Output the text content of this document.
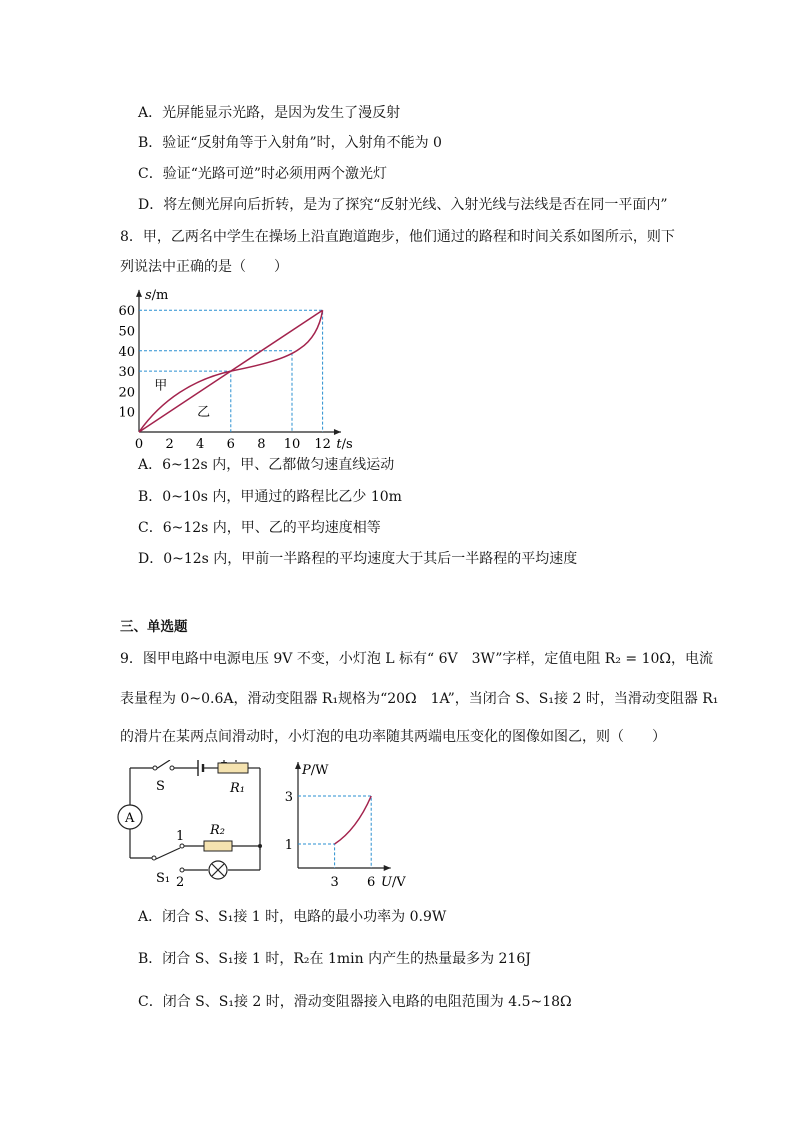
A．光屏能显示光路，是因为发生了漫反射
B．验证“反射角等于入射角”时，入射角不能为 0
C．验证“光路可逆”时必须用两个激光灯
D．将左侧光屏向后折转，是为了探究“反射光线、入射光线与法线是否在同一平面内”
8．甲，乙两名中学生在操场上沿直跑道跑步，他们通过的路程和时间关系如图所示，则下
列说法中正确的是（　　）
s/m
t/s
0 2 4 6 8 10 12
10
20
30
40
50
60
甲
乙
A．6~12s 内，甲、乙都做匀速直线运动
B．0~10s 内，甲通过的路程比乙少 10m
C．6~12s 内，甲、乙的平均速度相等
D．0~12s 内，甲前一半路程的平均速度大于其后一半路程的平均速度
三、单选题
9．图甲电路中电源电压 9V 不变，小灯泡 L 标有“ 6V　3W”字样，定值电阻 R₂ = 10Ω，电流
表量程为 0~0.6A，滑动变阻器 R₁规格为“20Ω　1A”，当闭合 S、S₁接 2 时，当滑动变阻器 R₁
的滑片在某两点间滑动时，小灯泡的电功率随其两端电压变化的图像如图乙，则（　　）
A
S	R₁
R₂
1
2
S₁
P/W
U/V
3 6
1
3
A．闭合 S、S₁接 1 时，电路的最小功率为 0.9W
B．闭合 S、S₁接 1 时，R₂在 1min 内产生的热量最多为 216J
C．闭合 S、S₁接 2 时，滑动变阻器接入电路的电阻范围为 4.5~18Ω
